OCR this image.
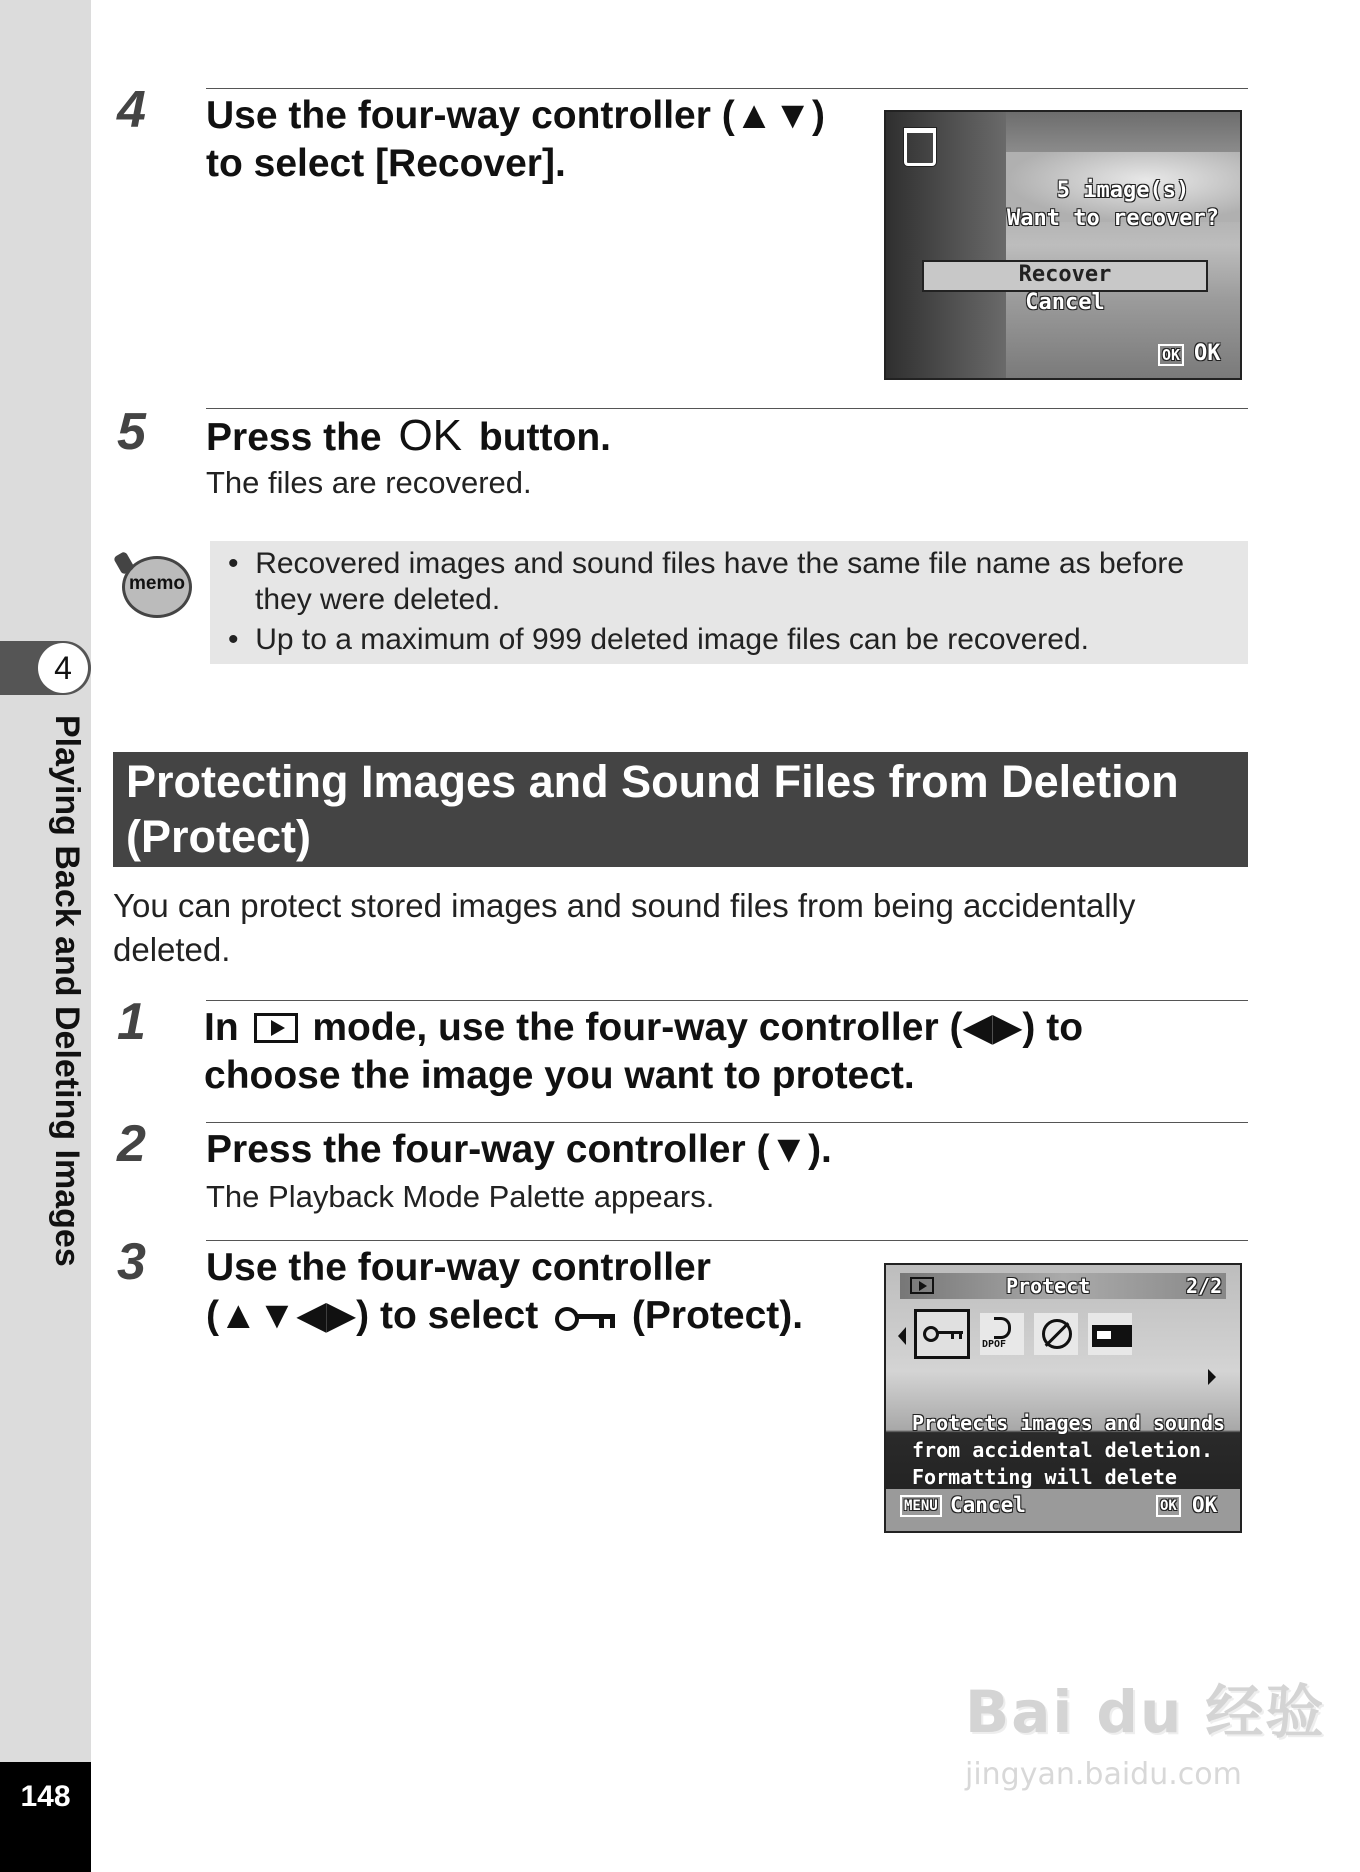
4
Playing Back and Deleting Images
148
4 Use the four-way controller (▲▼)
to select [Recover].
5 image(s)
Want to recover?
Recover
Cancel
OK OK
5 Press the OK button.
The files are recovered.
memo
•  Recovered images and sound files have the same file name as before
they were deleted.
•  Up to a maximum of 999 deleted image files can be recovered.
Protecting Images and Sound Files from Deletion
(Protect)
You can protect stored images and sound files from being accidentally
deleted.
1 In mode, use the four-way controller (◀▶) to
choose the image you want to protect.
2 Press the four-way controller (▼).
The Playback Mode Palette appears.
3 Use the four-way controller
(▲▼◀▶) to select (Protect).
Protect	2/2
DPOF
Protects images and sounds
from accidental deletion.
Formatting will delete
MENU Cancel	OK OK
Bai du 经验
jingyan.baidu.com
